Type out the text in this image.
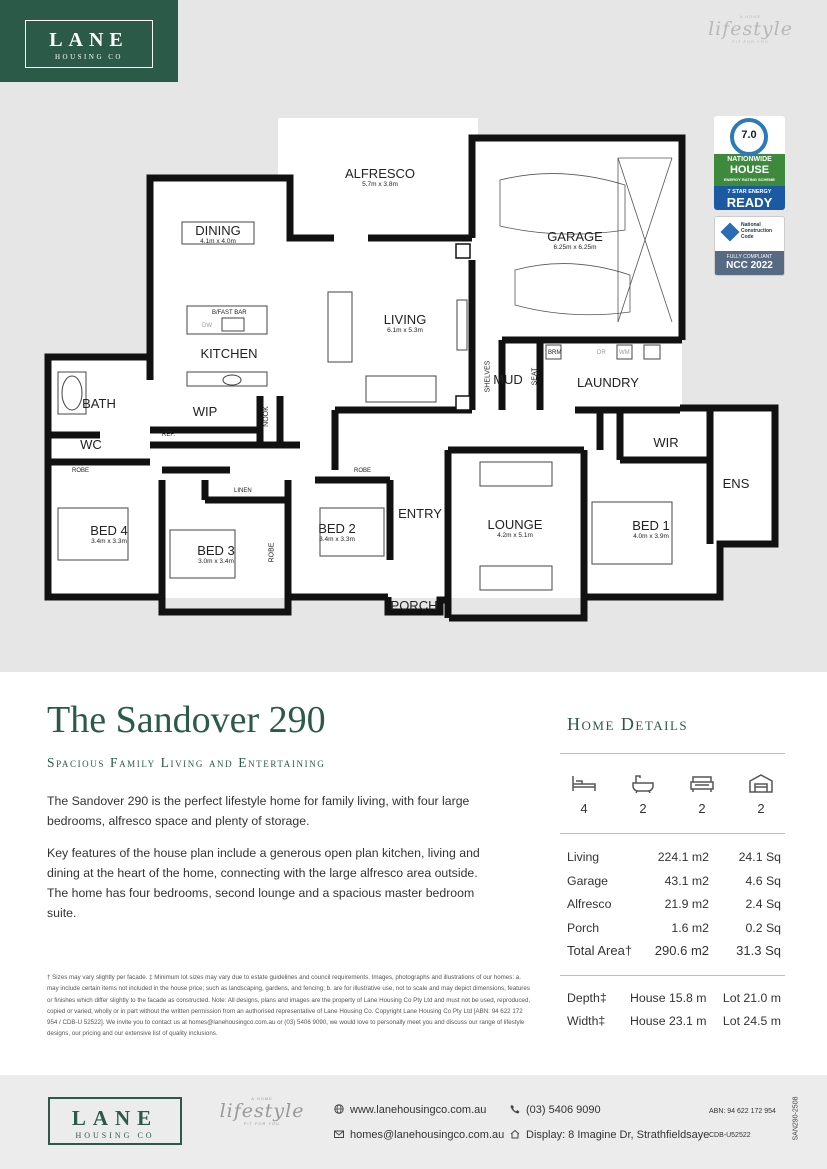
LANE
HOUSING CO
A HOME
lifestyle
FIT FOR YOU
7.0
NATIONWIDE
HOUSE
ENERGY RATING SCHEME
7 STAR ENERGY
READY
National
Construction
Code
FULLY COMPLIANT
NCC 2022
ALFRESCO
5.7m x 3.8m
GARAGE
6.25m x 6.25m
DINING
4.1m x 4.0m
LIVING
6.1m x 5.3m
KITCHEN
B/FAST BAR
DW
WIP
REF.
NOOK
BATH
WC
LAUNDRY
BRM	DR WM
MUD
SHELVES	SEAT
WIR
ENS
ROBE	ROBE
ROBE
LINEN
BED 4
3.4m x 3.3m
BED 3
3.0m x 3.4m
BED 2
3.4m x 3.3m
BED 1
4.0m x 3.9m
ENTRY
LOUNGE
4.2m x 5.1m
PORCH
The Sandover 290
Spacious Family Living and Entertaining
The Sandover 290 is the perfect lifestyle home for family living, with four large bedrooms, alfresco space and plenty of storage.
Key features of the house plan include a generous open plan kitchen, living and dining at the heart of the home, connecting with the large alfresco area outside. The home has four bedrooms, second lounge and a spacious master bedroom suite.
† Sizes may vary slightly per facade. ‡ Minimum lot sizes may vary due to estate guidelines and council requirements. Images, photographs and illustrations of our homes: a. may include certain items not included in the house price; such as landscaping, gardens, and fencing; b. are for illustrative use, not to scale and may depict dimensions, features or finishes which differ slightly to the facade as constructed. Note: All designs, plans and images are the property of Lane Housing Co Pty Ltd and must not be used, reproduced, copied or varied, wholly or in part without the written permission from an authorised representative of Lane Housing Co. Copyright Lane Housing Co Pty Ltd [ABN: 94 622 172 954 / CDB-U 52522]. We invite you to contact us at homes@lanehousingco.com.au or (03) 5406 9090, we would love to personally meet you and discuss our range of lifestyle designs, our pricing and our extensive list of quality inclusions.
Home Details
4	2	2	2
Living	224.1 m2 24.1 Sq
Garage	43.1 m2	4.6 Sq
Alfresco	21.9 m2	2.4 Sq
Porch	1.6 m2	0.2 Sq
Total Area† 290.6 m2 31.3 Sq
Depth‡ House 15.8 m Lot 21.0 m
Width‡ House 23.1 m Lot 24.5 m
LANE
HOUSING CO
A HOME
lifestyle
FIT FOR YOU
www.lanehousingco.com.au
homes@lanehousingco.com.au
(03) 5406 9090
Display: 8 Imagine Dr, Strathfieldsaye
ABN: 94 622 172 954
CDB-U52522	SAN290-2508
